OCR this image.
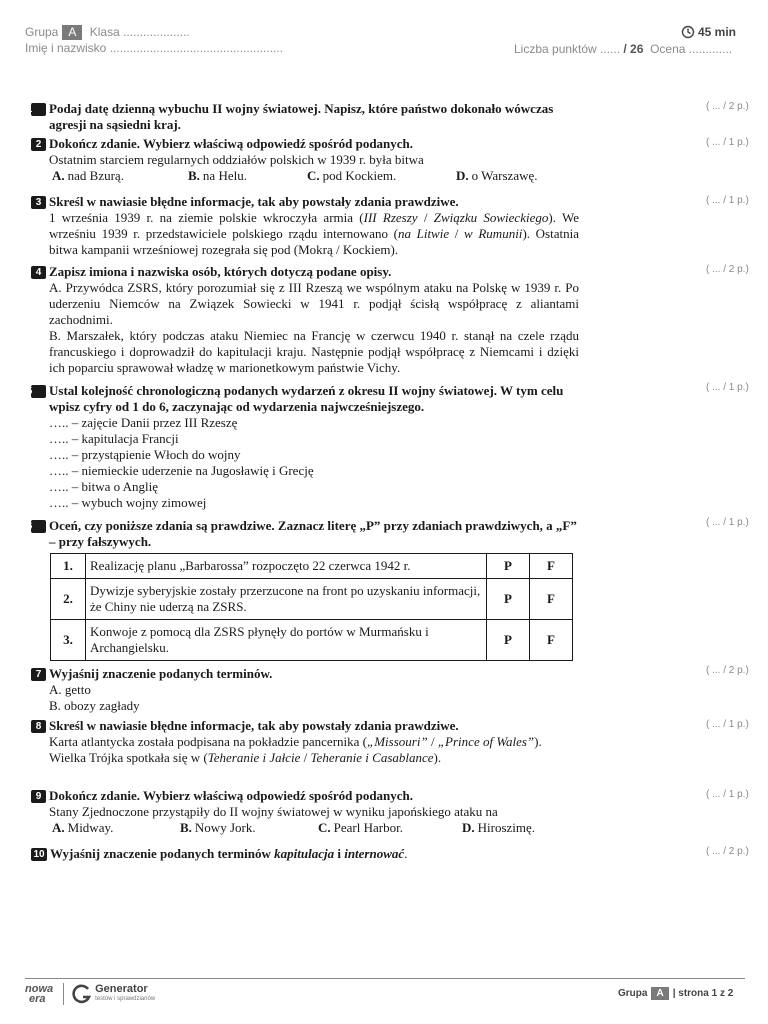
Grupa A Klasa ....................
Imię i nazwisko ....................................................
45 min
Liczba punktów ...... / 26 Ocena .............
1 Podaj datę dzienną wybuchu II wojny światowej. Napisz, które państwo dokonało wówczas agresji na sąsiedni kraj.
( ... / 2 p.)
2 Dokończ zdanie. Wybierz właściwą odpowiedź spośród podanych.
Ostatnim starciem regularnych oddziałów polskich w 1939 r. była bitwa
A. nad Bzurą.	B. na Helu.	C. pod Kockiem.	D. o Warszawę.
( ... / 1 p.)
3 Skreśl w nawiasie błędne informacje, tak aby powstały zdania prawdziwe.
1 września 1939 r. na ziemie polskie wkroczyła armia (III Rzeszy / Związku Sowieckiego). We wrześniu 1939 r. przedstawiciele polskiego rządu internowano (na Litwie / w Rumunii). Ostatnia bitwa kampanii wrześniowej rozegrała się pod (Mokrą / Kockiem).
( ... / 1 p.)
4 Zapisz imiona i nazwiska osób, których dotyczą podane opisy.
A. Przywódca ZSRS, który porozumiał się z III Rzeszą we wspólnym ataku na Polskę w 1939 r. Po uderzeniu Niemców na Związek Sowiecki w 1941 r. podjął ścisłą współpracę z aliantami zachodnimi.
B. Marszałek, który podczas ataku Niemiec na Francję w czerwcu 1940 r. stanął na czele rządu francuskiego i doprowadził do kapitulacji kraju. Następnie podjął współpracę z Niemcami i dzięki ich poparciu sprawował władzę w marionetkowym państwie Vichy.
( ... / 2 p.)
5 Ustal kolejność chronologiczną podanych wydarzeń z okresu II wojny światowej. W tym celu wpisz cyfry od 1 do 6, zaczynając od wydarzenia najwcześniejszego.
….. – zajęcie Danii przez III Rzeszę
….. – kapitulacja Francji
….. – przystąpienie Włoch do wojny
….. – niemieckie uderzenie na Jugosławię i Grecję
….. – bitwa o Anglię
….. – wybuch wojny zimowej
( ... / 1 p.)
6 Oceń, czy poniższe zdania są prawdziwe. Zaznacz literę „P” przy zdaniach prawdziwych, a „F” – przy fałszywych.
( ... / 1 p.)
1.	Realizację planu „Barbarossa” rozpoczęto 22 czerwca 1942 r.	P	F
2.	Dywizje syberyjskie zostały przerzucone na front po uzyskaniu informacji, że Chiny nie uderzą na ZSRS.	P	F
3.	Konwoje z pomocą dla ZSRS płynęły do portów w Murmańsku i Archangielsku.	P	F
7 Wyjaśnij znaczenie podanych terminów.
A. getto
B. obozy zagłady
( ... / 2 p.)
8 Skreśl w nawiasie błędne informacje, tak aby powstały zdania prawdziwe.
Karta atlantycka została podpisana na pokładzie pancernika („Missouri” / „Prince of Wales”).
Wielka Trójka spotkała się w (Teheranie i Jałcie / Teheranie i Casablance).
( ... / 1 p.)
9 Dokończ zdanie. Wybierz właściwą odpowiedź spośród podanych.
Stany Zjednoczone przystąpiły do II wojny światowej w wyniku japońskiego ataku na
A. Midway.	B. Nowy Jork.	C. Pearl Harbor.	D. Hiroszimę.
( ... / 1 p.)
10 Wyjaśnij znaczenie podanych terminów kapitulacja i internować.	( ... / 2 p.)
nowa
era
Generator
testów i sprawdzianów	Grupa A | strona 1 z 2
